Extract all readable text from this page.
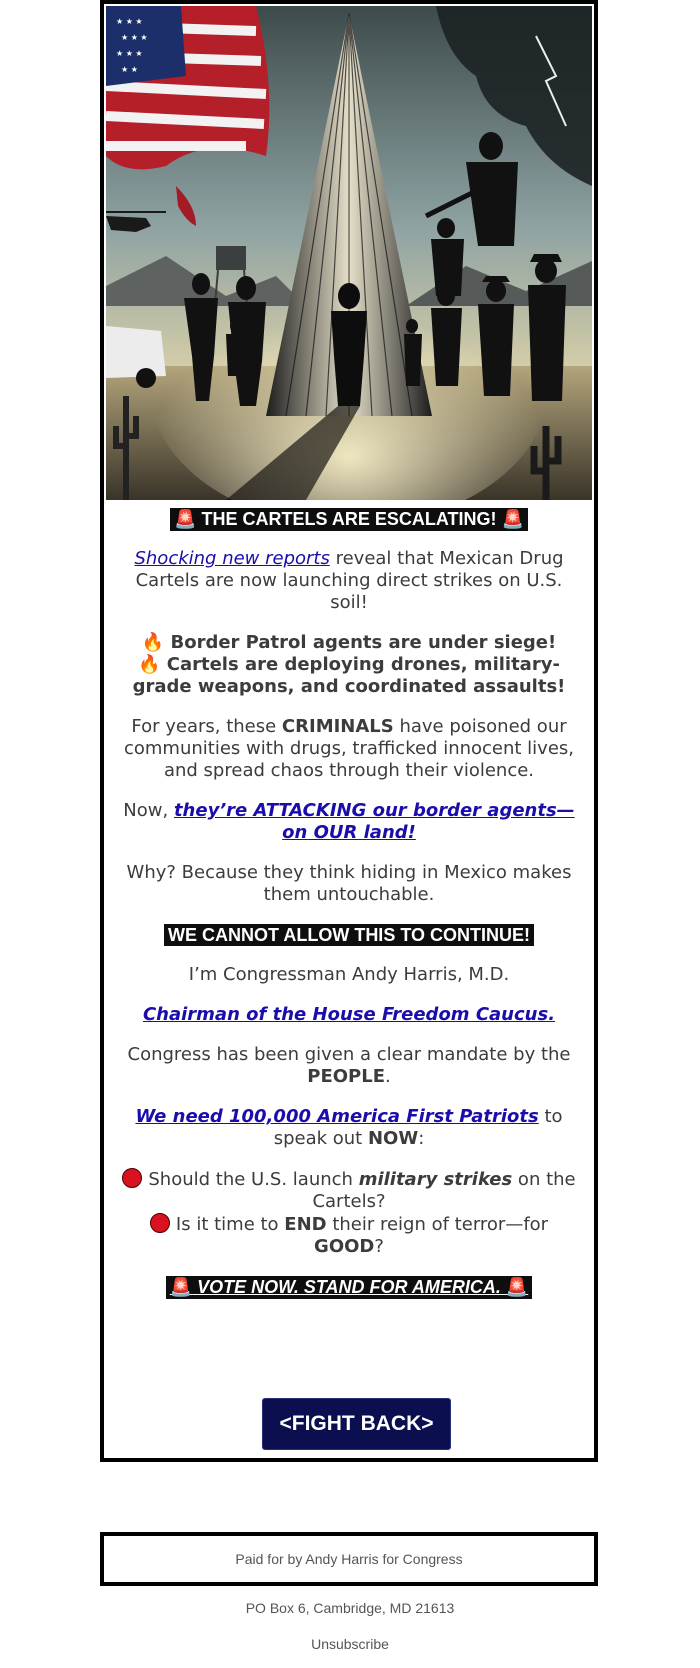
★ ★ ★
★ ★ ★
★ ★ ★
★ ★

🚨 THE CARTELS ARE ESCALATING! 🚨

Shocking new reports reveal that Mexican Drug Cartels are now launching direct strikes on U.S. soil!

🔥 Border Patrol agents are under siege!
🔥 Cartels are deploying drones, military-grade weapons, and coordinated assaults!

For years, these CRIMINALS have poisoned our communities with drugs, trafficked innocent lives, and spread chaos through their violence.

Now, they’re ATTACKING our border agents—on OUR land!

Why? Because they think hiding in Mexico makes them untouchable.

WE CANNOT ALLOW THIS TO CONTINUE!

I’m Congressman Andy Harris, M.D.

Chairman of the House Freedom Caucus.

Congress has been given a clear mandate by the PEOPLE.

We need 100,000 America First Patriots to speak out NOW:

Should the U.S. launch military strikes on the Cartels?
Is it time to END their reign of terror—for GOOD?

🚨 VOTE NOW. STAND FOR AMERICA. 🚨

<FIGHT BACK>
Paid for by Andy Harris for Congress
PO Box 6, Cambridge, MD 21613
Unsubscribe
